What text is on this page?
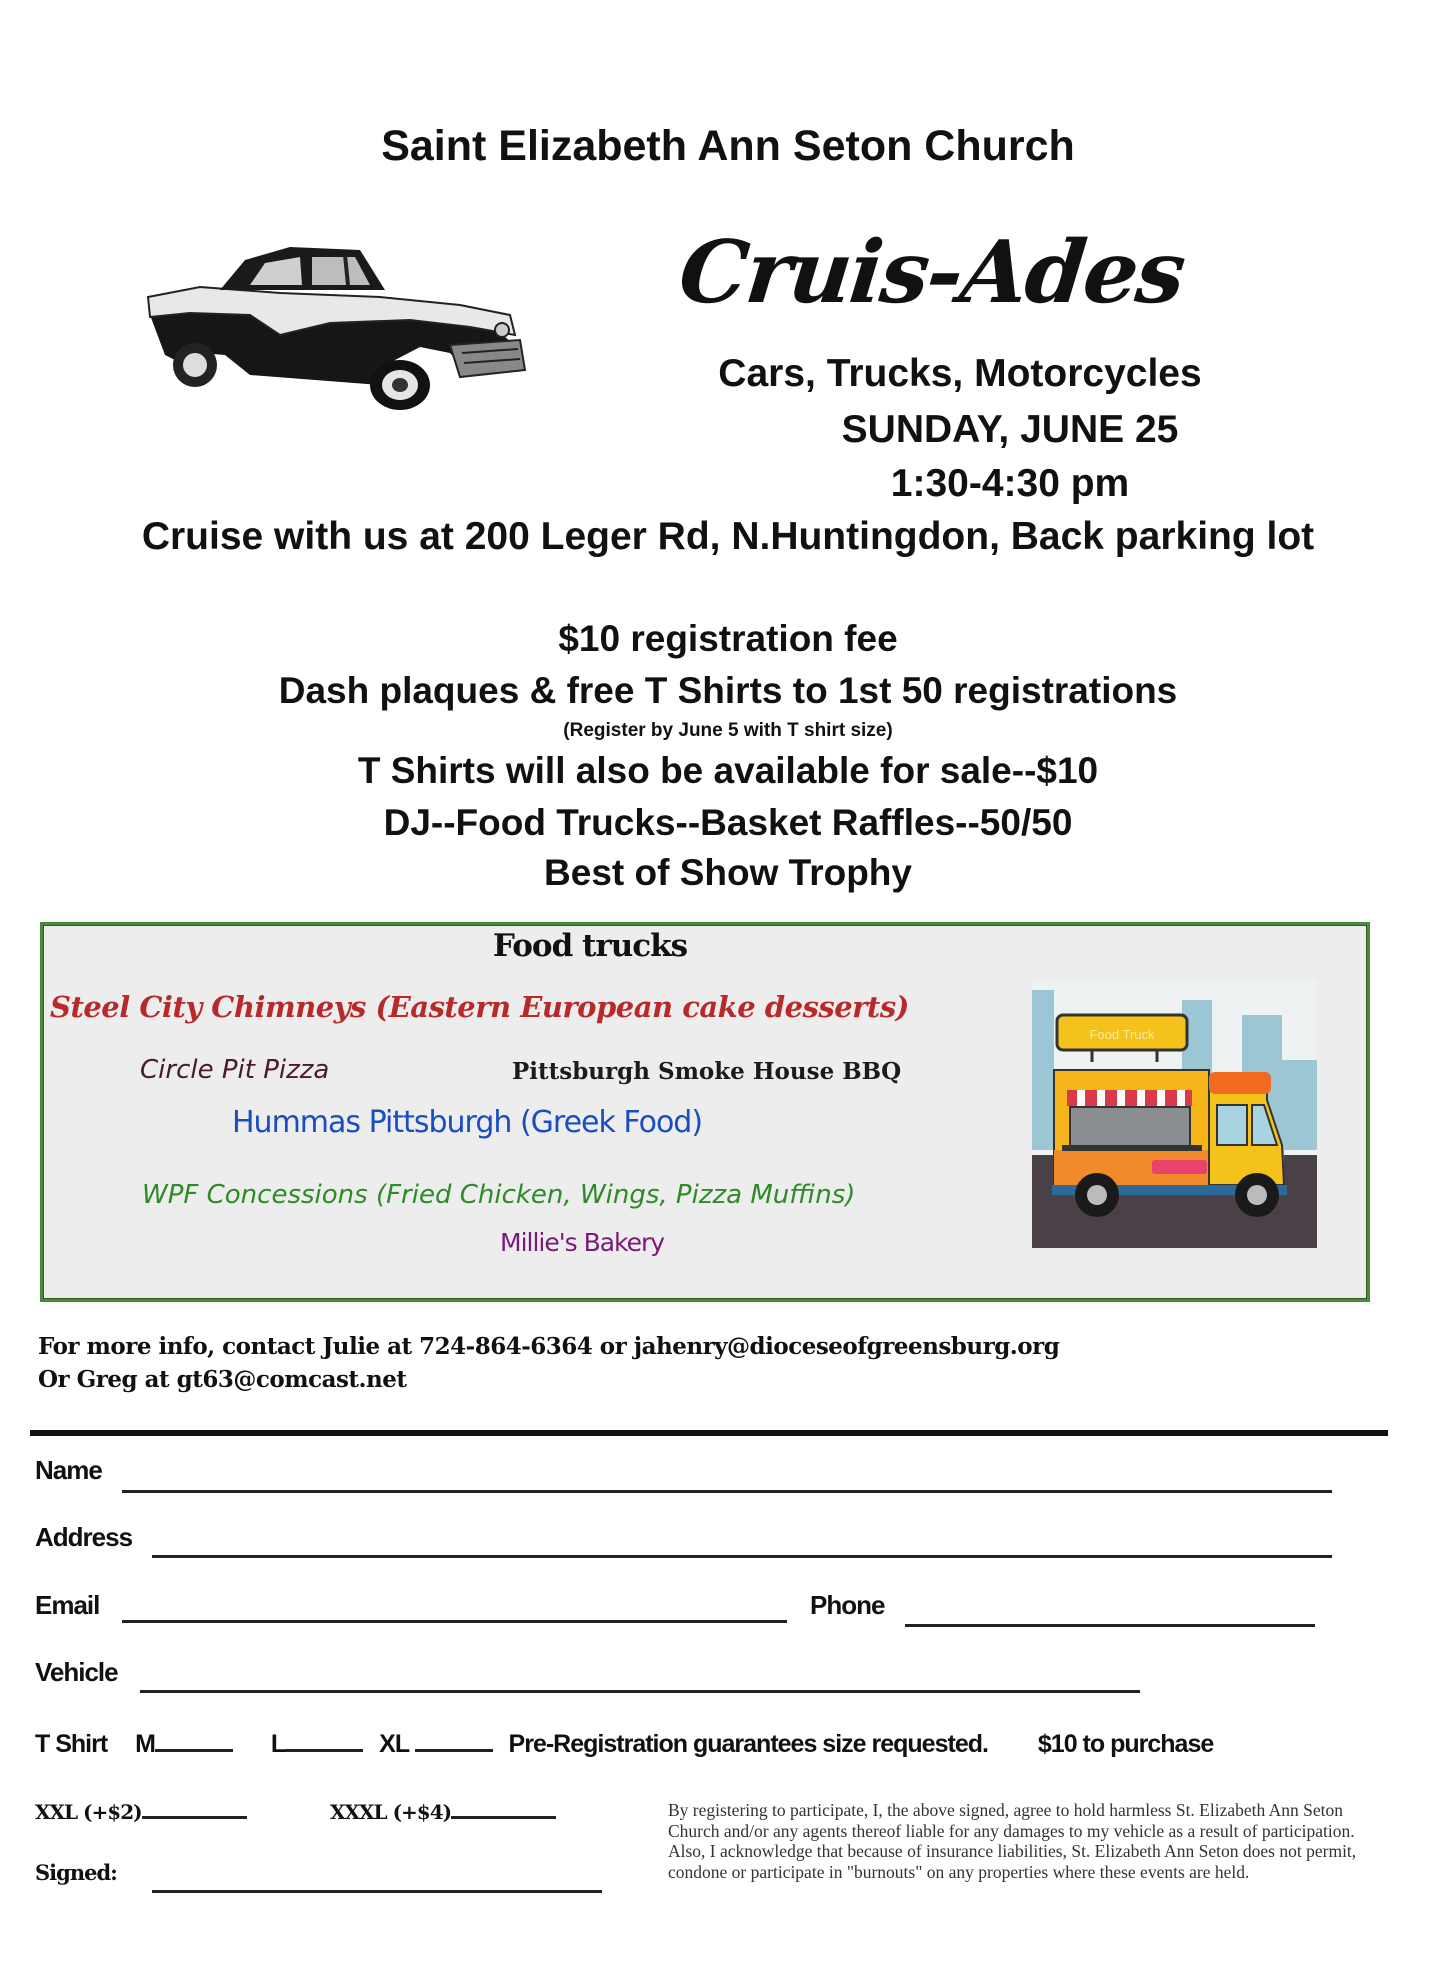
Saint Elizabeth Ann Seton Church
Cruis-Ades
Cars, Trucks, Motorcycles
SUNDAY, JUNE 25
1:30-4:30 pm
Cruise with us at 200 Leger Rd, N.Huntingdon, Back parking lot
$10 registration fee
Dash plaques & free T Shirts to 1st 50 registrations
(Register by June 5 with T shirt size)
T Shirts will also be available for sale--$10
DJ--Food Trucks--Basket Raffles--50/50
Best of Show Trophy
Food trucks
Steel City Chimneys (Eastern European cake desserts)
Circle Pit Pizza	Pittsburgh Smoke House BBQ
Hummas Pittsburgh (Greek Food)
WPF Concessions (Fried Chicken, Wings, Pizza Muffins)
Millie's Bakery
Food Truck
For more info, contact Julie at 724-864-6364 or jahenry@dioceseofgreensburg.org
Or Greg at gt63@comcast.net
Name
Address
Email	Phone
Vehicle
T Shirt M	L	XL	Pre-Registration guarantees size requested. $10 to purchase
XXL (+$2)	XXXL (+$4)
Signed:
By registering to participate, I, the above signed, agree to hold harmless St. Elizabeth Ann Seton Church and/or any agents thereof liable for any damages to my vehicle as a result of participation. Also, I acknowledge that because of insurance liabilities, St. Elizabeth Ann Seton does not permit, condone or participate in "burnouts" on any properties where these events are held.
